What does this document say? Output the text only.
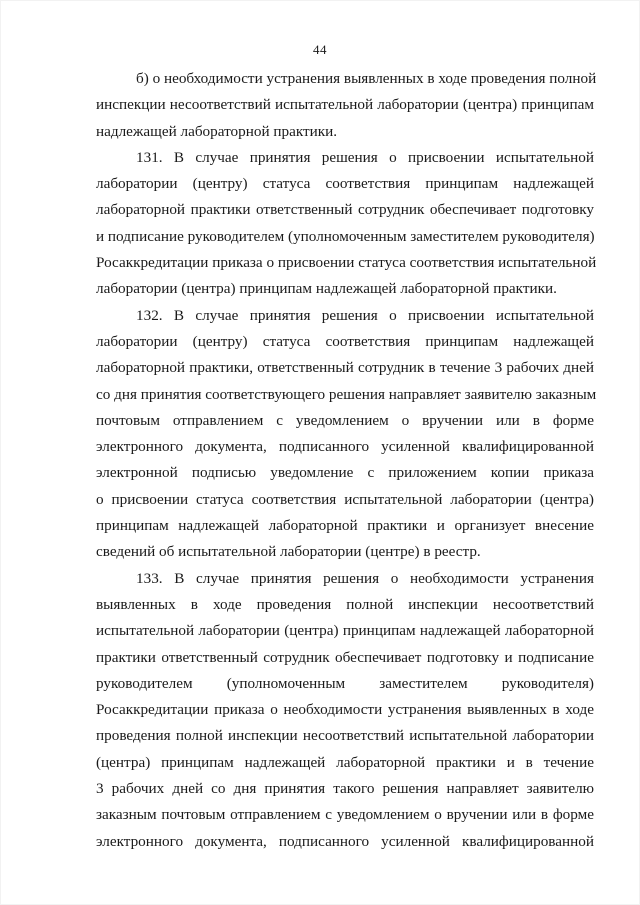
44
б) о необходимости устранения выявленных в ходе проведения полной
инспекции несоответствий испытательной лаборатории (центра) принципам
надлежащей лабораторной практики.
131. В случае принятия решения о присвоении испытательной
лаборатории (центру) статуса соответствия принципам надлежащей
лабораторной практики ответственный сотрудник обеспечивает подготовку
и подписание руководителем (уполномоченным заместителем руководителя)
Росаккредитации приказа о присвоении статуса соответствия испытательной
лаборатории (центра) принципам надлежащей лабораторной практики.
132. В случае принятия решения о присвоении испытательной
лаборатории (центру) статуса соответствия принципам надлежащей
лабораторной практики, ответственный сотрудник в течение 3 рабочих дней
со дня принятия соответствующего решения направляет заявителю заказным
почтовым отправлением с уведомлением о вручении или в форме
электронного документа, подписанного усиленной квалифицированной
электронной подписью уведомление с приложением копии приказа
о присвоении статуса соответствия испытательной лаборатории (центра)
принципам надлежащей лабораторной практики и организует внесение
сведений об испытательной лаборатории (центре) в реестр.
133. В случае принятия решения о необходимости устранения
выявленных в ходе проведения полной инспекции несоответствий
испытательной лаборатории (центра) принципам надлежащей лабораторной
практики ответственный сотрудник обеспечивает подготовку и подписание
руководителем (уполномоченным заместителем руководителя)
Росаккредитации приказа о необходимости устранения выявленных в ходе
проведения полной инспекции несоответствий испытательной лаборатории
(центра) принципам надлежащей лабораторной практики и в течение
3 рабочих дней со дня принятия такого решения направляет заявителю
заказным почтовым отправлением с уведомлением о вручении или в форме
электронного документа, подписанного усиленной квалифицированной
